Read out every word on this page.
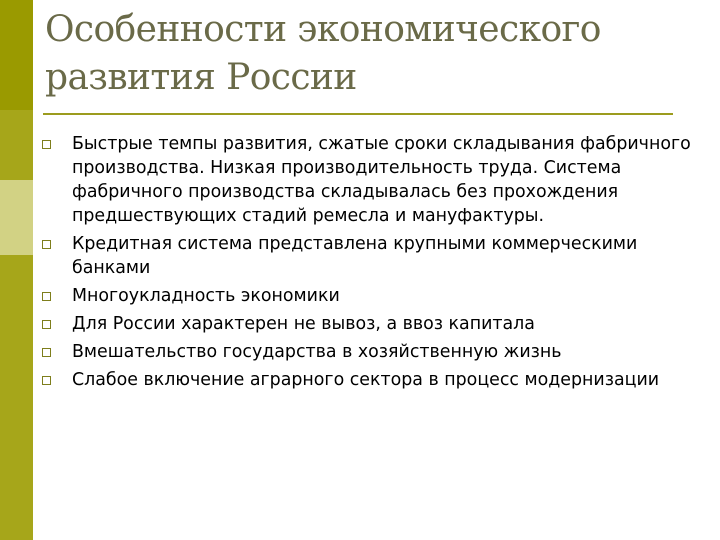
Особенности экономического
развития России
Быстрые темпы развития, сжатые сроки складывания фабричного производства. Низкая производительность труда. Система фабричного производства складывалась без прохождения предшествующих стадий ремесла и мануфактуры.
Кредитная система представлена крупными коммерческими банками
Многоукладность экономики
Для России характерен не вывоз, а ввоз капитала
Вмешательство государства в хозяйственную жизнь
Слабое включение аграрного сектора в процесс модернизации
